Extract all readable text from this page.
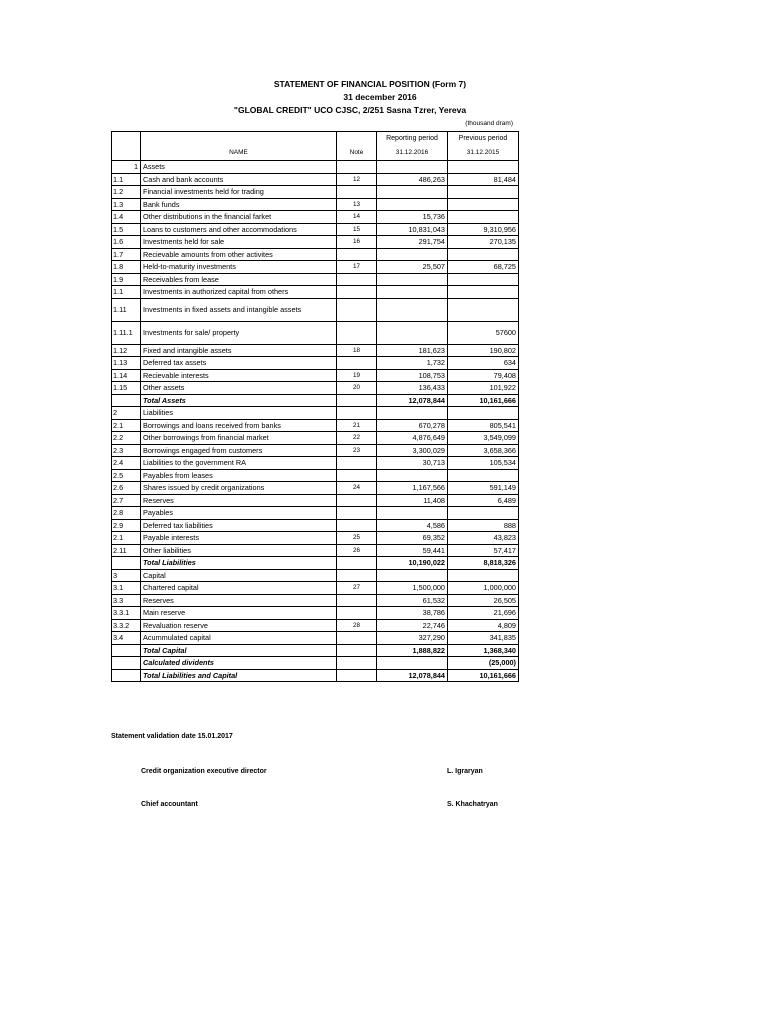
STATEMENT OF FINANCIAL POSITION (Form 7)
31 december 2016
"GLOBAL CREDIT" UCO CJSC, 2/251 Sasna Tzrer, Yereva
(thousand dram)
			Reporting period	Previous period
	NAME	Note	31.12.2016	31.12.2015
1	Assets			
1.1	Cash and bank accounts	12	486,263	81,484
1.2	Financial investments held for trading			
1.3	Bank funds	13		
1.4	Other distributions in the financial farket	14	15,736	
1.5	Loans to customers and other accommodations	15	10,831,043	9,310,956
1.6	Investments held for sale	16	291,754	270,135
1.7	Recievable amounts from other activites			
1.8	Held-to-maturity investments	17	25,507	68,725
1.9	Receivables from lease			
1.1	Investments in authorized capital from others			
1.11	Investments in fixed assets and intangible assets			
1.11.1	Investments for sale/ property			57600
1.12	Fixed and intangible assets	18	181,623	190,802
1.13	Deferred tax assets		1,732	634
1.14	Recievable interests	19	108,753	79,408
1.15	Other assets	20	136,433	101,922
	Total Assets		12,078,844	10,161,666
2	Liabilities			
2.1	Borrowings and loans received from banks	21	670,278	805,541
2.2	Other borrowings from financial market	22	4,876,649	3,549,099
2.3	Borrowings engaged from customers	23	3,300,029	3,658,366
2.4	Liabilities to the government RA		30,713	105,534
2.5	Payables from leases			
2.6	Shares issued by credit organizations	24	1,167,566	591,149
2.7	Reserves		11,408	6,489
2.8	Payables			
2.9	Deferred tax liabilities		4,586	888
2.1	Payable interests	25	69,352	43,823
2.11	Other liabilities	26	59,441	57,417
	Total Liabilities		10,190,022	8,818,326
3	Capital			
3.1	Chartered capital	27	1,500,000	1,000,000
3.3	Reserves		61,532	26,505
3.3.1	Main reserve		38,786	21,696
3.3.2	Revaluation reserve	28	22,746	4,809
3.4	Acummulated capital		327,290	341,835
	Total Capital		1,888,822	1,368,340
	Calculated dividents			(25,000)
	Total Liabilities and Capital		12,078,844	10,161,666
Statement validation date 15.01.2017
Credit organization executive director	L. Igraryan
Chief accountant	S. Khachatryan
